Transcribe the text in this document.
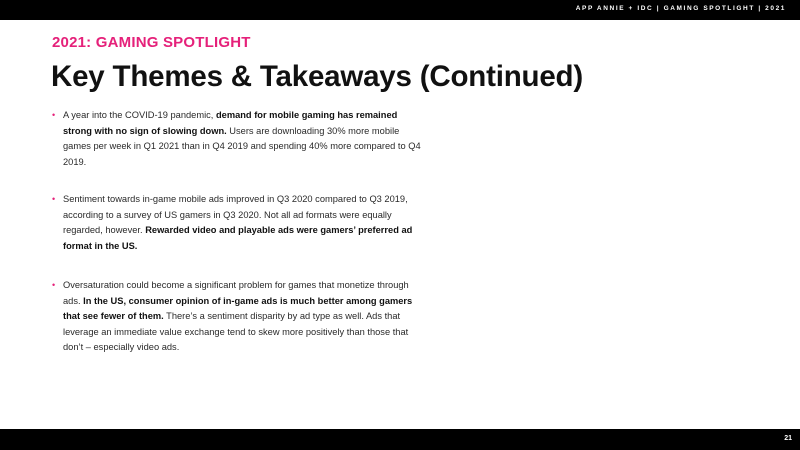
APP ANNIE + IDC | GAMING SPOTLIGHT | 2021
2021: GAMING SPOTLIGHT
Key Themes & Takeaways (Continued)
• A year into the COVID-19 pandemic, demand for mobile gaming has remained strong with no sign of slowing down. Users are downloading 30% more mobile games per week in Q1 2021 than in Q4 2019 and spending 40% more compared to Q4 2019.
• Sentiment towards in-game mobile ads improved in Q3 2020 compared to Q3 2019, according to a survey of US gamers in Q3 2020. Not all ad formats were equally regarded, however. Rewarded video and playable ads were gamers’ preferred ad format in the US.
• Oversaturation could become a significant problem for games that monetize through ads. In the US, consumer opinion of in-game ads is much better among gamers that see fewer of them. There’s a sentiment disparity by ad type as well. Ads that leverage an immediate value exchange tend to skew more positively than those that don’t – especially video ads.
21
